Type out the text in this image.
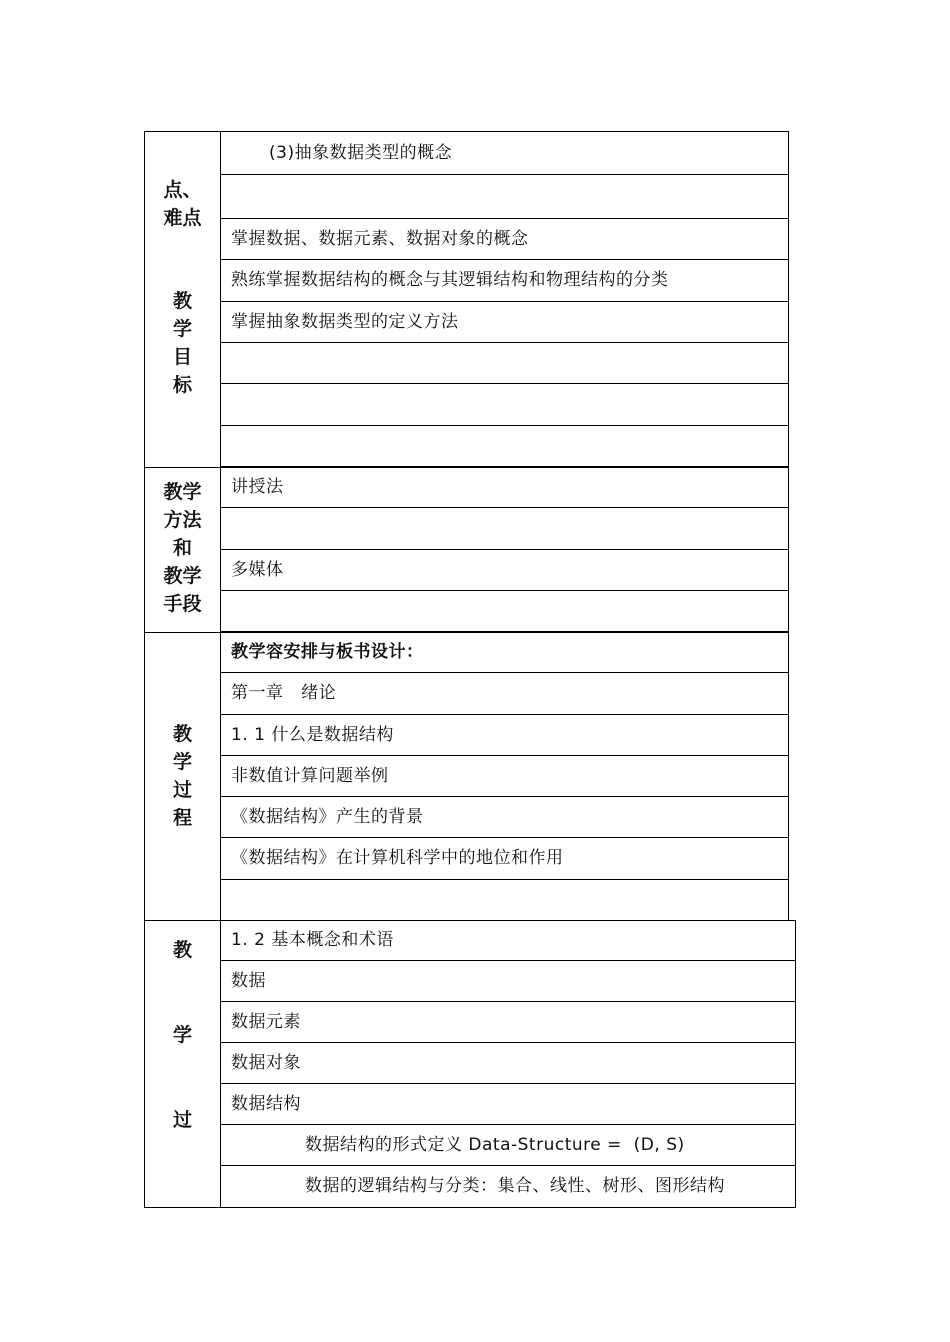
(3)抽象数据类型的概念
点、
难点
掌握数据、数据元素、数据对象的概念
熟练掌握数据结构的概念与其逻辑结构和物理结构的分类
掌握抽象数据类型的定义方法
教
学
目
标
讲授法
多媒体
教学
方法
和
教学
手段
教学容安排与板书设计：
第一章   绪论
1. 1 什么是数据结构
非数值计算问题举例
《数据结构》产生的背景
《数据结构》在计算机科学中的地位和作用
教
学
过
程
1. 2 基本概念和术语
数据
数据元素
数据对象
数据结构
数据结构的形式定义 Data-Structure =  (D, S)
数据的逻辑结构与分类：集合、线性、树形、图形结构
教
学
过
